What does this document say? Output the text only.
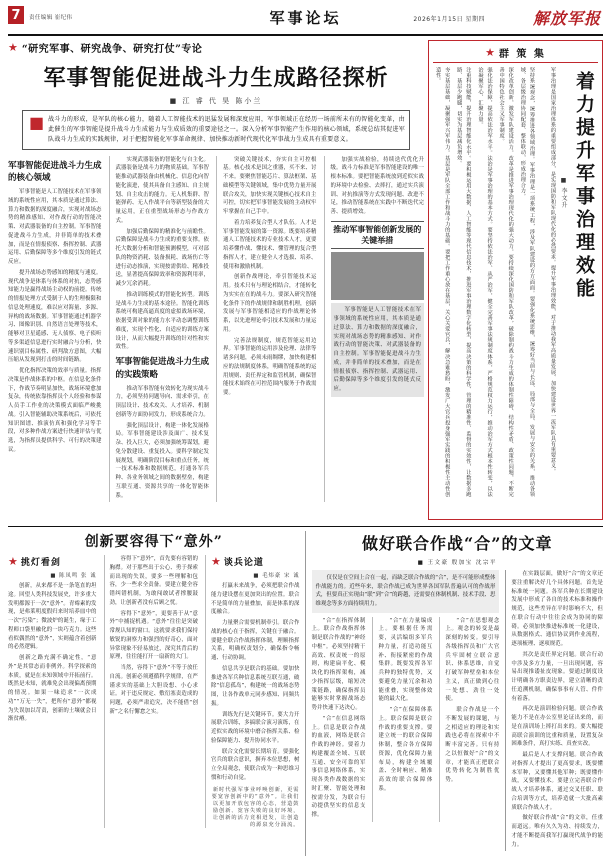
7	责任编辑 崔纪伟	军事论坛	2026年1月15日 星期四	解放军报
★ “研究军事、研究战争、研究打仗”专论
军事智能促进战斗力生成路径探析
■ 江 睿 代 昊 陈小兰
■ 战斗力的形成，是军队的核心能力，随着人工智能技术的迅猛发展和深度应用，军事领域正在经历一场前所未有的智能化变革，由此催生的军事智能是提升战斗力生成能力与生成质效的重要途径之一。深入分析军事智能产生作用的核心领域，系统总结其促进军队战斗力生成的实践规律，对于把握智能化军事革命规律、加快推动新时代现代化军事战力生成具有重要意义。
军事智能促进战斗力生成的核心领域

军事智能是人工智能技术在军事领域的系统性应用，其本质是通过算法、算力和数据的深度融合，实现对战场态势的精准感知、对作战行动的智能决策、对武器装备的自主控制。军事智能促进战斗力生成，并非简单的技术叠加，而是在情报侦察、指挥控制、武器运用、后勤保障等多个维度引发的链式反应。

提升战场态势感知的精度与速度。现代战争是体系与体系的对抗，态势感知能力是赢得战场主动权的前提。传统的情报处理方式受制于人的生理极限和信息处理速度，难以应对海量、多源、异构的战场数据。军事智能通过机器学习、图像识别、自然语言处理等技术，能够对卫星遥感、无人侦察、电子侦听等多渠道信息进行实时融合与分析，快速识别目标属性、研判敌方意图，大幅压缩从发现到打击的时间链路。

优化指挥决策的效率与质量。指挥决策是作战体系的中枢。在信息化条件下，作战节奏明显加快，战场环境愈加复杂，传统依靠指挥员个人经验和参谋人员手工作业的决策模式面临严峻挑战。引入智能辅助决策系统后，可依托知识图谱、推演仿真和强化学习等手段，对多种作战方案进行快速评估与优选，为指挥员提供科学、可行的决策建议。

实现武器装备的智能化与自主化。武器装备是战斗力的物质基础。军事智能推动武器装备由机械化、信息化向智能化演进，使其具备自主感知、自主规划、自主攻击的能力。无人机集群、智能弹药、无人作战平台等新型装备的大量运用，正在重塑战场形态与作战方式。

加强后勤保障的精准化与前瞻性。后勤保障是战斗力生成的重要支撑。依托大数据分析和智能预测模型，可对部队的物资消耗、装备损耗、战场伤亡等进行动态推演，实现按需供给、精准投送，显著提高保障效率和资源利用率，减少冗余消耗。

推动训练模式的智能化转型。训练是战斗力生成的基本途径。智能化训练系统可构建高逼真度的虚拟战场环境，依据受训对象的能力水平动态调整训练难度，实现个性化、自适应的训练方案设计，从而大幅提升训练的针对性和实效性。

军事智能促进战斗力生成的实践策略

推动军事智能有效转化为现实战斗力，必须坚持问题导向、需求牵引，在顶层设计、技术攻关、人才培养、机制创新等方面协同发力，形成系统合力。

强化顶层设计，构建一体化发展格局。军事智能建设涉及面广、技术复杂、投入巨大，必须加强统筹谋划，避免分散建设、重复投入。要科学制定发展规划，明确阶段目标和重点任务，统一技术标准和数据规范，打通各军兵种、各业务领域之间的数据壁垒，构建互联互通、资源共享的一体化智能体系。

突破关键技术，夯实自主可控根基。核心技术是国之重器，买不来、讨不来。要聚焦智能芯片、算法框架、基础模型等关键领域，集中优势力量开展联合攻关，加快实现关键核心技术自主可控，切实把军事智能发展的主动权牢牢掌握在自己手中。

着力培养复合型人才队伍。人才是军事智能发展的第一资源。既要培养精通人工智能技术的专业技术人才，更要培养懂作战、懂技术、懂管理的复合型指挥人才，建立健全人才选拔、培养、使用和激励机制。

创新作战理论，牵引智能技术运用。技术只有与理论相结合，才能转化为实实在在的战斗力。要深入研究智能化条件下的作战规律和制胜机理，创新发展与军事智能相适应的作战理论体系，以先进理论牵引技术发展和力量运用。

完善法规制度，规范智能运用边界。军事智能的运用涉及伦理、法律等诸多问题，必须未雨绸缪，加快构建相应的法规制度体系，明确智能系统的运用规则、责任界定和监管机制，确保智能技术始终在可控范围内服务于作战需要。

加强实战检验，持续迭代优化升级。战斗力标准是军事智能建设的唯一根本标准。要把智能系统放到近似实战的环境中去检验、去摔打，通过实兵演训、对抗推演等方式发现问题、改进不足，推动智能系统在实践中不断迭代完善、提质增效。

推动军事智能创新发展的关键举措

军事智能是人工智能技术在军事领域的系统性应用，其本质是通过算法、算力和数据的深度融合，实现对战场态势的精准感知、对作战行动的智能决策、对武器装备的自主控制。军事智能促进战斗力生成，并非简单的技术叠加，而是在情报侦察、指挥控制、武器运用、后勤保障等多个维度引发的链式反应。

★ 群 策 集
着力提升军事治理效能
■ 李文升
军事治理是国家治理体系的重要组成部分，是实现国防和军队现代化的必然要求。提升军事治理效能，对于推动我军高质量发展、加快建设世界一流军队具有重要意义。
坚持系统观念，统筹推进各领域治理。军事治理是一项系统工程，涉及军队建设的方方面面。要强化系统思维，统筹好当前与长远、局部与全局、发展与安全的关系，推动各领域、各层级治理协同配套、整体联动，形成治理合力。
深化改革创新，激发军队建设活力。改革是推进军事治理现代化的强大动力。要持续深化国防和军队改革，破除制约战斗力生成的体制性障碍、结构性矛盾、政策性问题，不断完善中国特色社会主义军事制度。
强化法治保障，提高依法治军水平。法治是军事治理的基本方式。要坚持依法治军、从严治军，健全完善军事法规制度体系，严格规范权力运行，推动治军方式根本性转变，以法治凝聚军心、汇聚力量。
注重科技赋能，提升治理智能化水平。要积极运用大数据、人工智能等现代信息技术，推进军事治理数字化转型，提高决策的科学性、管理的精准性、监督的实效性，让数据多跑路、基层少跑腿，切实为基层减负增效。
夯实基层基础，凝聚强军兴军伟力。基层是军队全部工作和战斗力的基础。要把工作重心放在基层，关心关爱官兵，解决急难愁盼，激发广大官兵投身强军实践的积极性主动性创造性。
创新要容得下“意外”
★ 挑灯看剑
■ 陈凤鸣 张 诚

创新，从来都不是一条笔直的坦途。回望人类科技发展史，许多重大发明都源于一次“意外”。青霉素的发现，是弗莱明度假归来时培养皿中的一次“污染”；微波炉的诞生，缘于工程师口袋里融化的一块巧克力。这些看似偶然的“意外”，实则蕴含着创新的必然逻辑。

创新之路充满不确定性，“意外”是其常态而非例外。科学探索的本质，就是在未知领域中开拓前行。既然是未知，就难免会出现偏离预期的情况。如果一味追求“一次成功”“万无一失”，把所有“意外”都视为失误加以苛责，创新的土壤就会日渐贫瘠。

容得下“意外”，首先要有容错的胸襟。对于那些出于公心、勇于探索而出现的失误，要多一些理解和包容，少一些求全责备。要建立健全容错纠错机制，为敢闯敢试者撑腰鼓劲，让创新者没有后顾之忧。

容得下“意外”，更要善于从“意外”中捕捉机遇。“意外”往往是突破常规认知的窗口。这就要求我们保持敏锐的洞察力和强烈的好奇心，面对异常现象不轻易放过，深究其背后的原理，往往能打开一扇新的大门。

当然，容得下“意外”不等于放任自流。创新必须遵循科学规律，在严谨求实的基础上大胆设想、小心求证。对于违反规定、敷衍塞责造成的问题，必须严肃追究，决不能借“创新”之名行懈怠之实。

★ 谈兵论道
■ 毛炜豪 宋 诚

打赢未来战争，必须把联合作战能力建设摆在更加突出的位置。联合不是简单的力量叠加，而是体系的深度融合。

力量聚合需要机制牵引。联合作战的核心在于指挥，关键在于融合。要健全联合作战指挥体制，理顺指挥关系，明确权责划分，确保指令畅通、行动协调。

信息共享是联合的基础。要加快推进各军兵种信息系统互联互通，破除“信息孤岛”，构建统一的战场态势图，让各作战单元同步感知、同频共振。

训练先行是关键环节。要大力开展联合训练，多搞联合演习演练，在近似实战的环境中磨合指挥关系、检验保障能力、提升协同水平。

联合文化需要长期培育。要强化官兵的联合意识，摒弃本位思想，树立全局观念，使联合成为一种思维习惯和行动自觉。

新时代强军事业呼唤创新，更需要宽容创新中的“意外”。让我们以更加开放包容的心态，营造鼓励创新、宽容失败的良好环境，让创新的活力竞相迸发，让创造的源泉充分涌流。
做好联合作战“合”的文章
■ 王文豪 殷加宝 沈宗平
仅仅是在空间上合在一起，而缺乏联合作战的“合”，是不可能形成整体作战能力的。近些年来，联合作战已成为世界各国军队普遍认可的作战形式，但要真正实现由“联”到“合”的跨越，还需要在体制机制、技术手段、思维观念等多方面持续用力。

“合”在指挥体制上。联合作战指挥体制是联合作战的“神经中枢”。必须坚持精干高效、权责统一的原则，构建扁平化、模块化的指挥架构，减少指挥层级，缩短决策链路，确保指挥员能够实时掌握战场态势并快速下达决心。

“合”在信息网络上。信息是联合作战的血液，网络是联合作战的神经。要着力构建覆盖全域、互联互通、安全可靠的军事信息网络体系，实现各类作战数据的实时汇聚、智能处理和按需分发，为联合行动提供坚实的信息支撑。

“合”在力量编成上。要根据任务需要，灵活编组多军兵种力量，打造功能互补、衔接紧密的作战集群。既要发挥各军兵种的独特优势，又要避免力量冗余和功能重叠，实现整体效能的最大化。

“合”在保障体系上。联合保障是联合作战的重要支撑。要建立统一的联合保障体制，整合各方保障资源，优化保障力量布局，构建全域覆盖、全时响应、精准高效的联合保障体系。

“合”在思想观念上。观念的转变是最深刻的转变。要引导各级指挥员和广大官兵牢固树立联合意识、体系思维，自觉打破军种壁垒和本位主义，真正做到心往一处想、劲往一处使。

联合作战是一个不断发展的课题，与之相适应的理论和实践也必将在探索中不断丰富完善。只有持之以恒做好“合”的文章，才能真正把联合优势转化为制胜优势。

在实践层面，做好“合”的文章还要注重解决好几个具体问题。首先是标准统一问题。各军兵种在长期建设发展中形成了各自的技术标准和操作规范，这些差异在平时影响不大，但在联合行动中往往会成为协同的障碍。必须加快推进标准统一化建设，从数据格式、通信协议到作业流程，逐项梳理、逐项规范。

其次是责任界定问题。联合行动中涉及多方力量，一旦出现问题，容易出现推诿扯皮现象。要通过制度设计明确各方职责边界，建立清晰的责任追溯机制，确保事事有人管、件件有着落。

再次是演训检验问题。联合作战能力不是在办公室里论证出来的，而是在演训场上摔打出来的。要大幅提高联合演训的比重和质量，设置复杂困难条件，真打实练、真查实改。

最后是人才支撑问题。联合作战对指挥人才提出了更高要求，既要懂本军种，又要懂其他军种；既要懂作战，又要懂技术。要建立完善联合作战人才培养体系，通过交叉任职、联合培训等方式，培养造就一大批高素质联合作战人才。

做好联合作战“合”的文章，任重而道远。唯有久久为功、持续发力，才能不断提高我军打赢现代战争的能力。
